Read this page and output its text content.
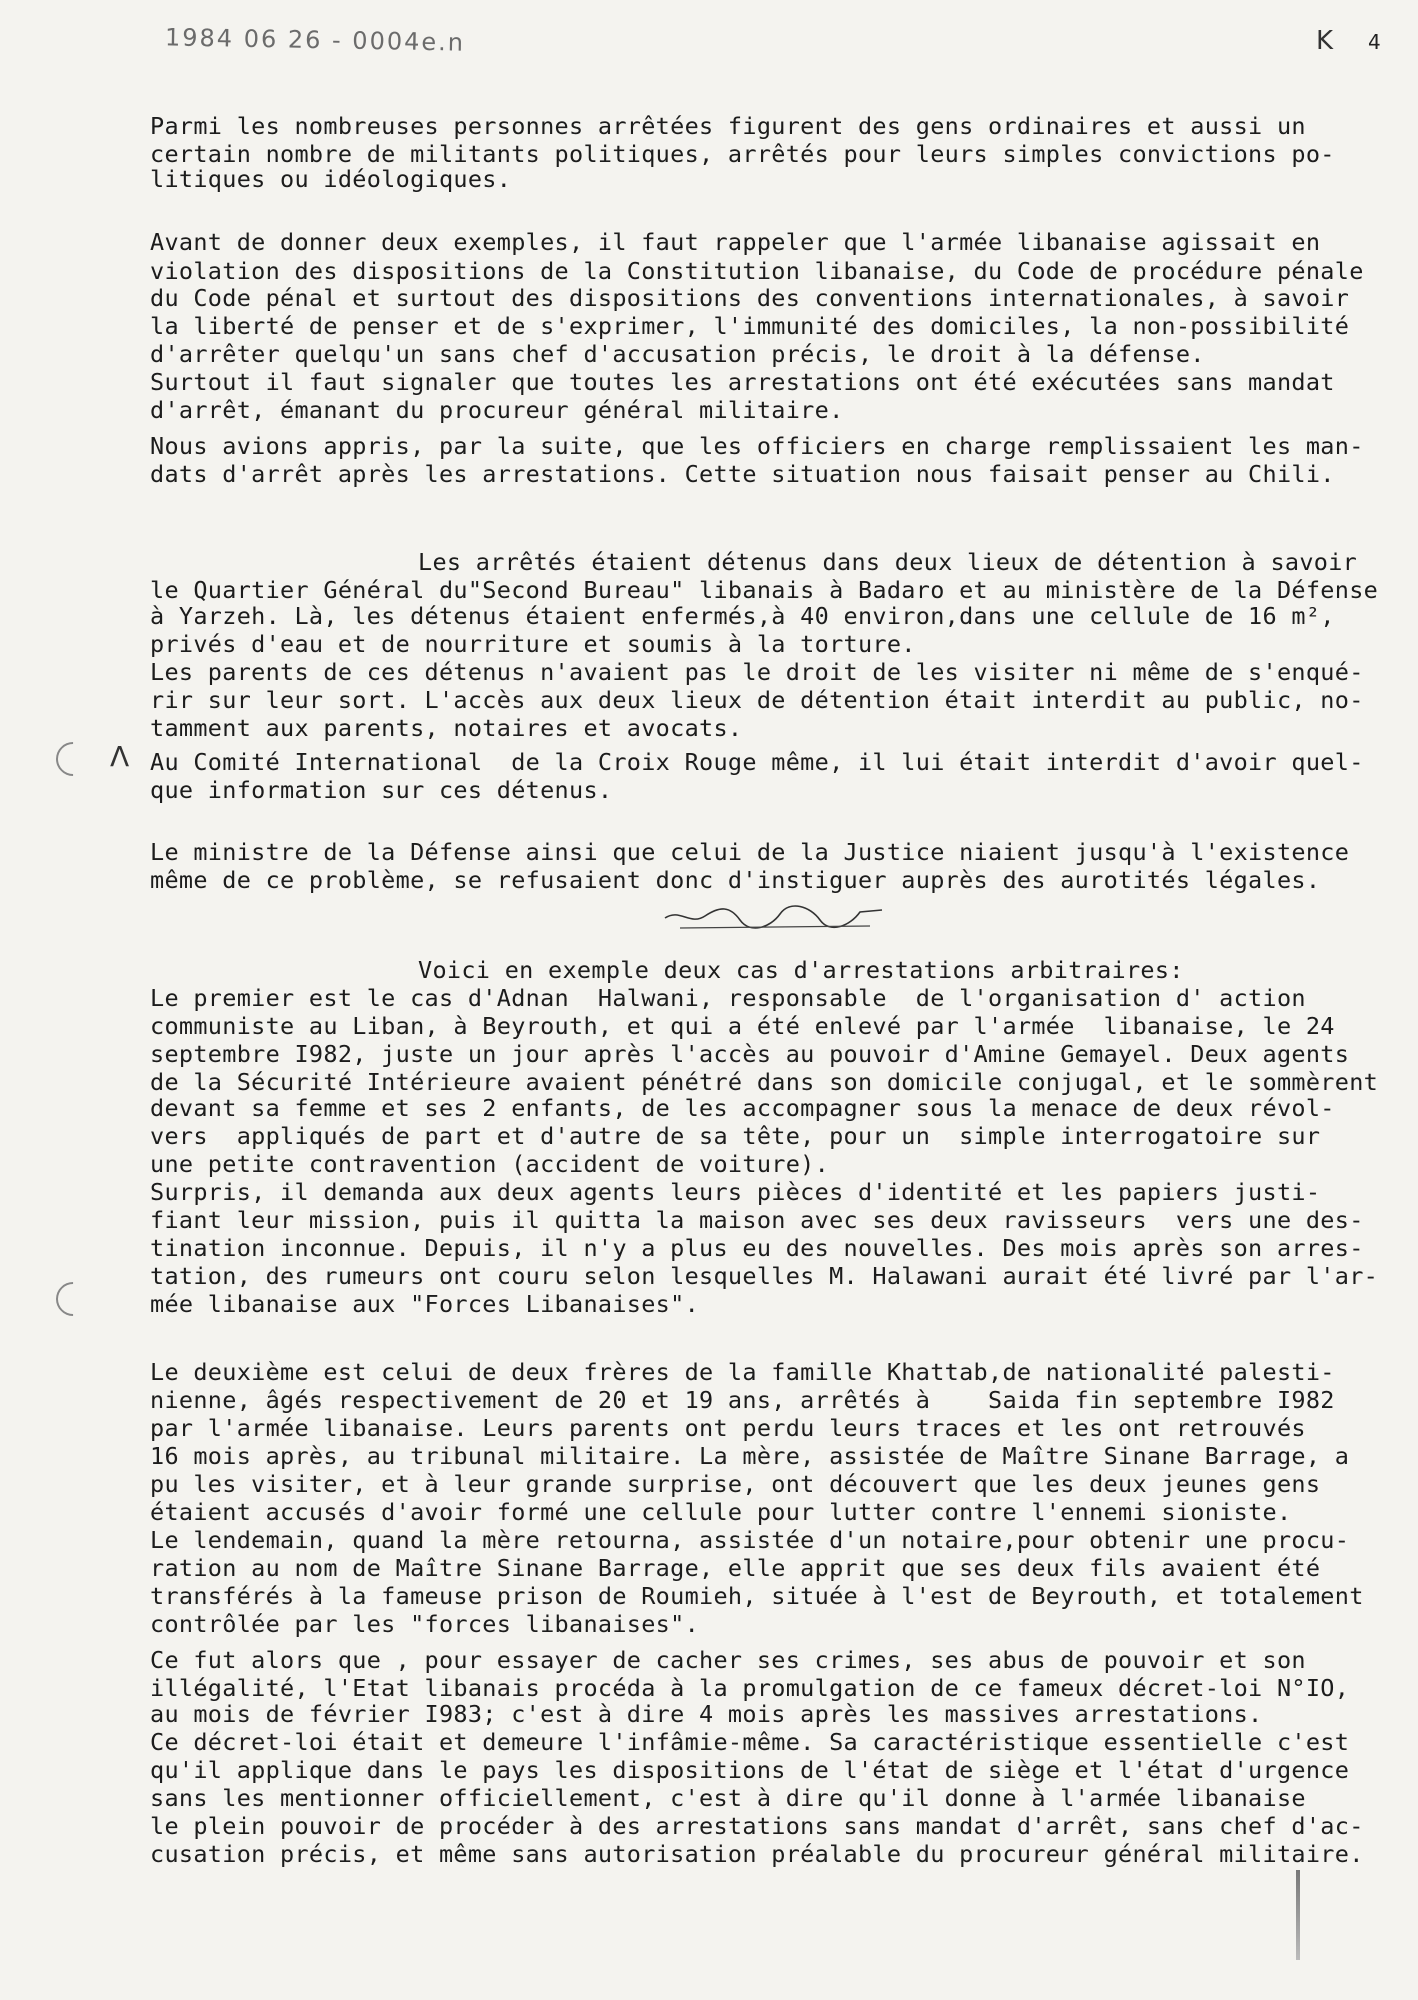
1984 06 26 - 0004e.n	K 4
Λ
Parmi les nombreuses personnes arrêtées figurent des gens ordinaires et aussi un
certain nombre de militants politiques, arrêtés pour leurs simples convictions po-
litiques ou idéologiques.
Avant de donner deux exemples, il faut rappeler que l'armée libanaise agissait en
violation des dispositions de la Constitution libanaise, du Code de procédure pénale
du Code pénal et surtout des dispositions des conventions internationales, à savoir
la liberté de penser et de s'exprimer, l'immunité des domiciles, la non-possibilité
d'arrêter quelqu'un sans chef d'accusation précis, le droit à la défense.
Surtout il faut signaler que toutes les arrestations ont été exécutées sans mandat
d'arrêt, émanant du procureur général militaire.
Nous avions appris, par la suite, que les officiers en charge remplissaient les man-
dats d'arrêt après les arrestations. Cette situation nous faisait penser au Chili.
Les arrêtés étaient détenus dans deux lieux de détention à savoir
le Quartier Général du"Second Bureau" libanais à Badaro et au ministère de la Défense
à Yarzeh. Là, les détenus étaient enfermés,à 40 environ,dans une cellule de 16 m²,
privés d'eau et de nourriture et soumis à la torture.
Les parents de ces détenus n'avaient pas le droit de les visiter ni même de s'enqué-
rir sur leur sort. L'accès aux deux lieux de détention était interdit au public, no-
tamment aux parents, notaires et avocats.
Au Comité International  de la Croix Rouge même, il lui était interdit d'avoir quel-
que information sur ces détenus.
Le ministre de la Défense ainsi que celui de la Justice niaient jusqu'à l'existence
même de ce problème, se refusaient donc d'instiguer auprès des aurotités légales.
Voici en exemple deux cas d'arrestations arbitraires:
Le premier est le cas d'Adnan  Halwani, responsable  de l'organisation d' action
communiste au Liban, à Beyrouth, et qui a été enlevé par l'armée  libanaise, le 24
septembre I982, juste un jour après l'accès au pouvoir d'Amine Gemayel. Deux agents
de la Sécurité Intérieure avaient pénétré dans son domicile conjugal, et le sommèrent
devant sa femme et ses 2 enfants, de les accompagner sous la menace de deux révol-
vers  appliqués de part et d'autre de sa tête, pour un  simple interrogatoire sur
une petite contravention (accident de voiture).
Surpris, il demanda aux deux agents leurs pièces d'identité et les papiers justi-
fiant leur mission, puis il quitta la maison avec ses deux ravisseurs  vers une des-
tination inconnue. Depuis, il n'y a plus eu des nouvelles. Des mois après son arres-
tation, des rumeurs ont couru selon lesquelles M. Halawani aurait été livré par l'ar-
mée libanaise aux "Forces Libanaises".
Le deuxième est celui de deux frères de la famille Khattab,de nationalité palesti-
nienne, âgés respectivement de 20 et 19 ans, arrêtés à    Saida fin septembre I982
par l'armée libanaise. Leurs parents ont perdu leurs traces et les ont retrouvés
16 mois après, au tribunal militaire. La mère, assistée de Maître Sinane Barrage, a
pu les visiter, et à leur grande surprise, ont découvert que les deux jeunes gens
étaient accusés d'avoir formé une cellule pour lutter contre l'ennemi sioniste.
Le lendemain, quand la mère retourna, assistée d'un notaire,pour obtenir une procu-
ration au nom de Maître Sinane Barrage, elle apprit que ses deux fils avaient été
transférés à la fameuse prison de Roumieh, située à l'est de Beyrouth, et totalement
contrôlée par les "forces libanaises".
Ce fut alors que , pour essayer de cacher ses crimes, ses abus de pouvoir et son
illégalité, l'Etat libanais procéda à la promulgation de ce fameux décret-loi N°IO,
au mois de février I983; c'est à dire 4 mois après les massives arrestations.
Ce décret-loi était et demeure l'infâmie-même. Sa caractéristique essentielle c'est
qu'il applique dans le pays les dispositions de l'état de siège et l'état d'urgence
sans les mentionner officiellement, c'est à dire qu'il donne à l'armée libanaise
le plein pouvoir de procéder à des arrestations sans mandat d'arrêt, sans chef d'ac-
cusation précis, et même sans autorisation préalable du procureur général militaire.
